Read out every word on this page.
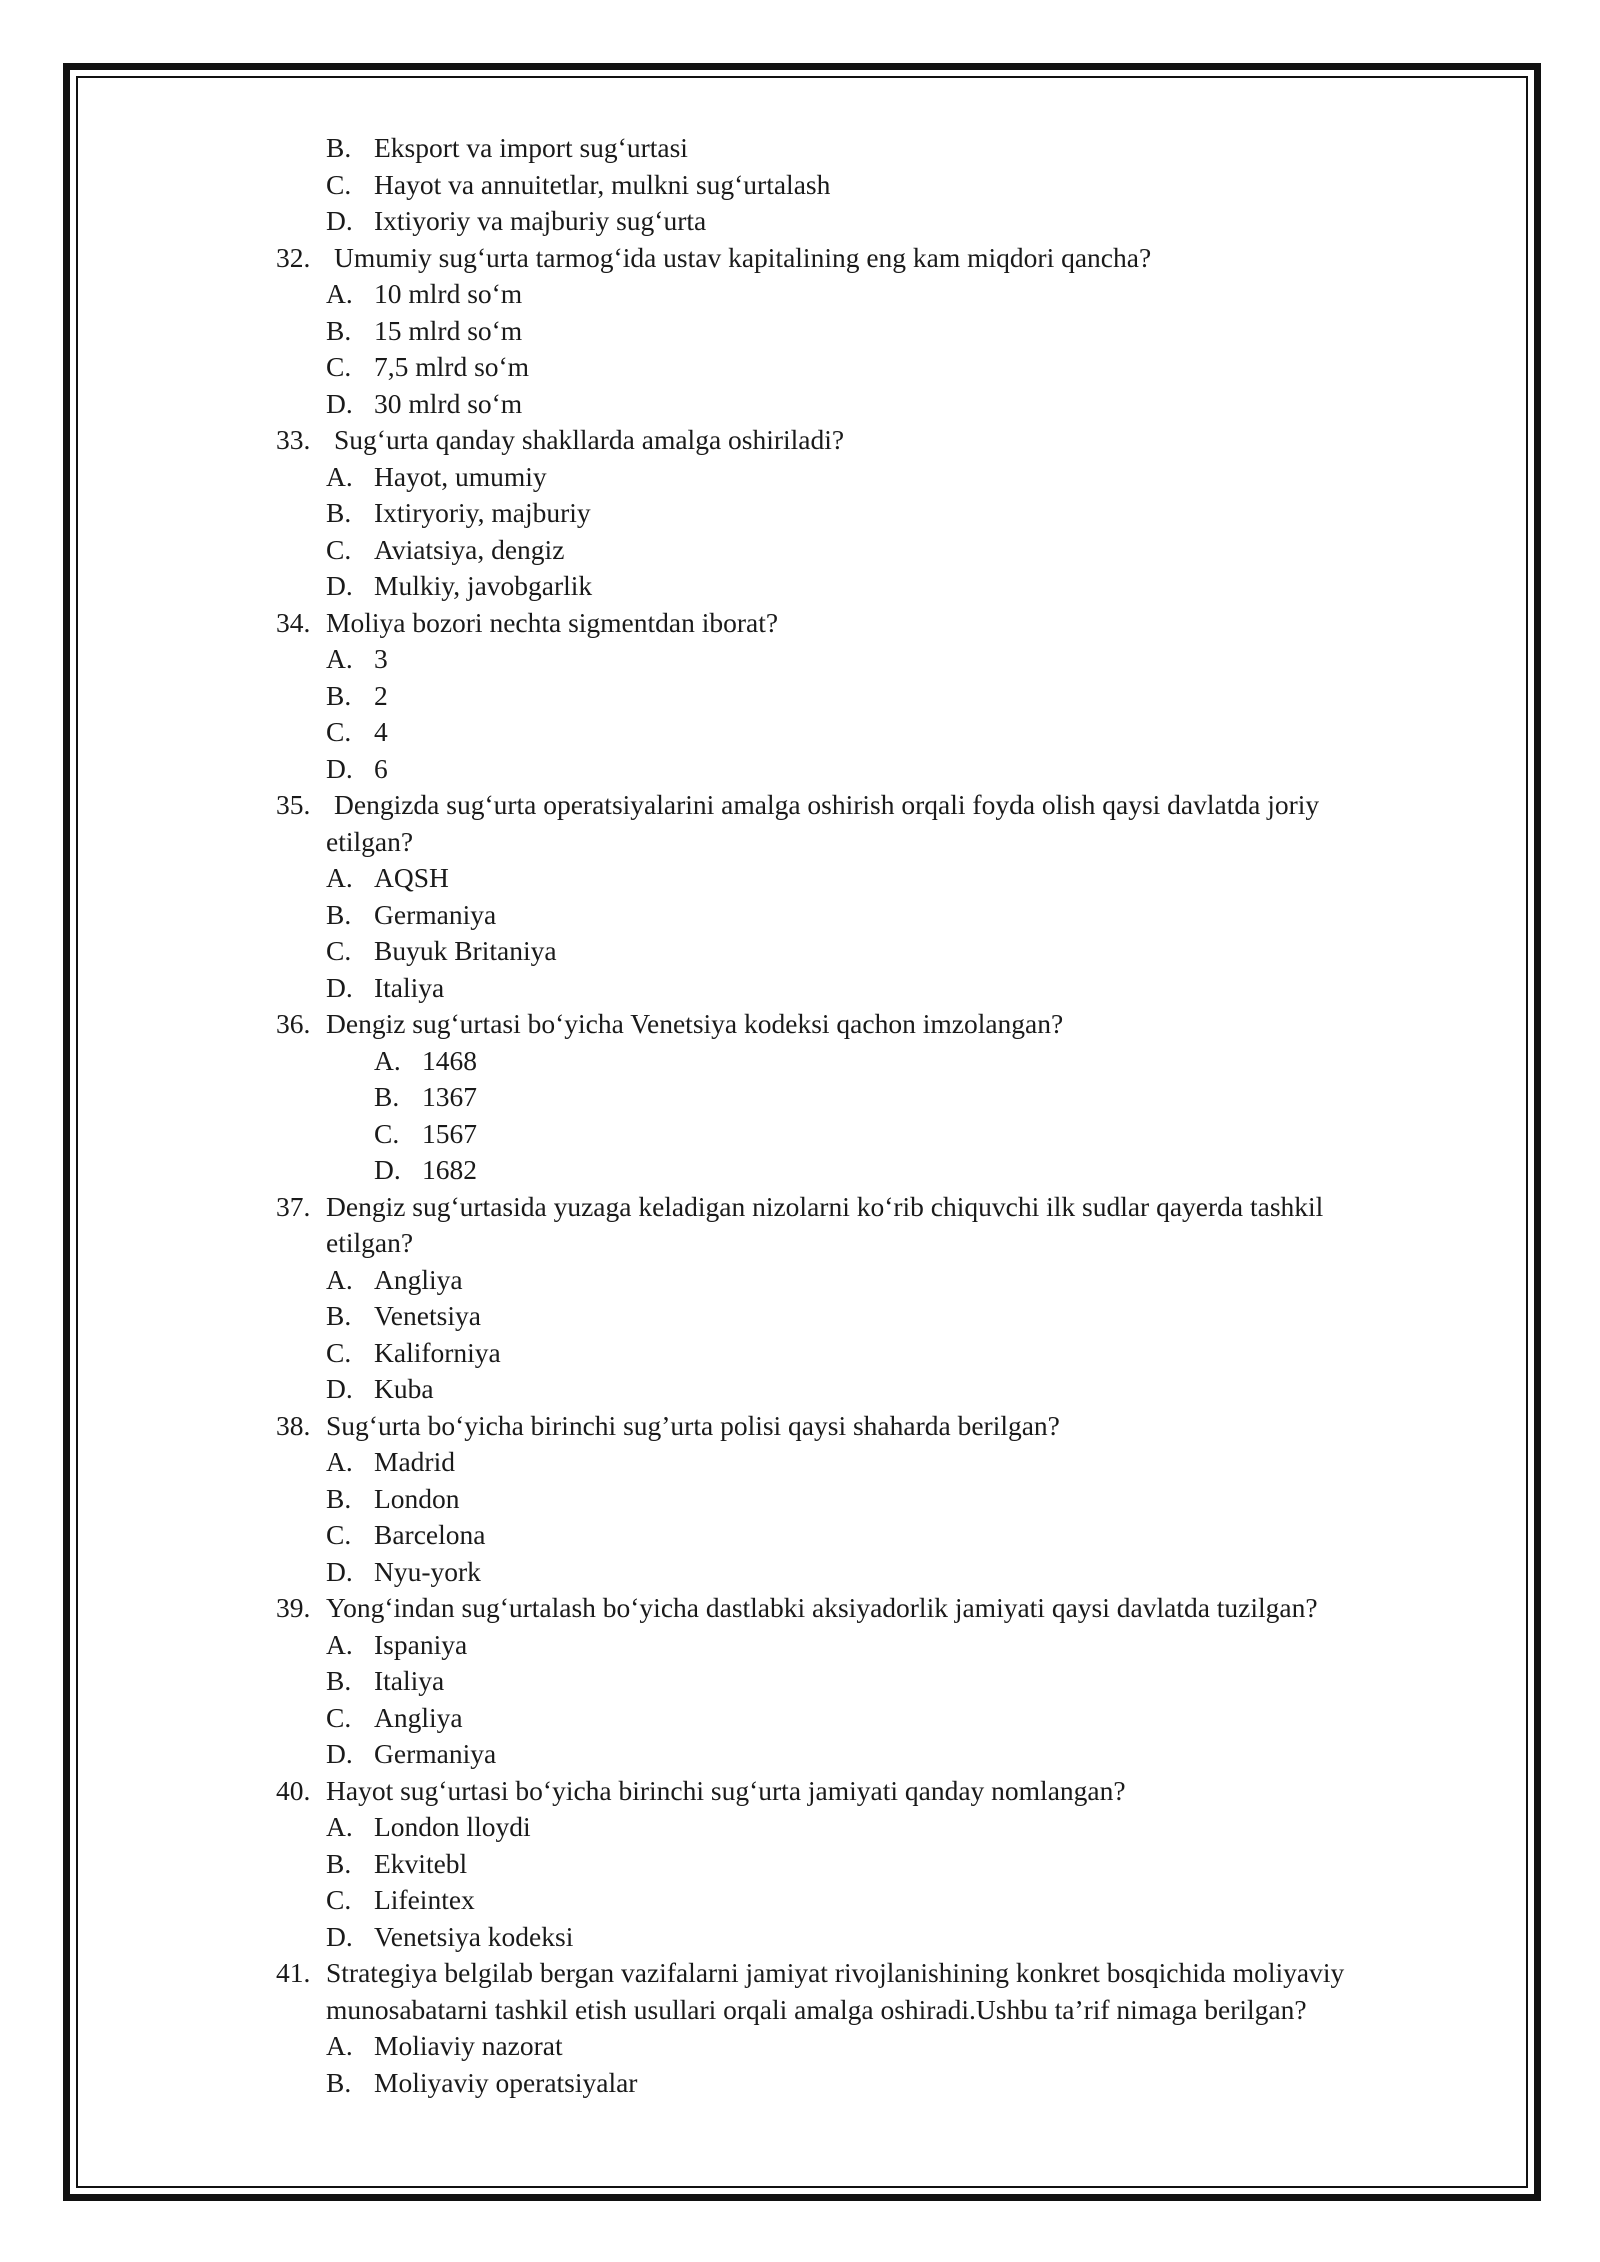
B. Eksport va import sug‘urtasi
C. Hayot va annuitetlar, mulkni sug‘urtalash
D. Ixtiyoriy va majburiy sug‘urta
32. Umumiy sug‘urta tarmog‘ida ustav kapitalining eng kam miqdori qancha?
A. 10 mlrd so‘m
B. 15 mlrd so‘m
C. 7,5 mlrd so‘m
D. 30 mlrd so‘m
33. Sug‘urta qanday shakllarda amalga oshiriladi?
A. Hayot, umumiy
B. Ixtiryoriy, majburiy
C. Aviatsiya, dengiz
D. Mulkiy, javobgarlik
34. Moliya bozori nechta sigmentdan iborat?
A. 3
B. 2
C. 4
D. 6
35. Dengizda sug‘urta operatsiyalarini amalga oshirish orqali foyda olish qaysi davlatda joriy
etilgan?
A. AQSH
B. Germaniya
C. Buyuk Britaniya
D. Italiya
36. Dengiz sug‘urtasi bo‘yicha Venetsiya kodeksi qachon imzolangan?
A. 1468
B. 1367
C. 1567
D. 1682
37. Dengiz sug‘urtasida yuzaga keladigan nizolarni ko‘rib chiquvchi ilk sudlar qayerda tashkil
etilgan?
A. Angliya
B. Venetsiya
C. Kaliforniya
D. Kuba
38. Sug‘urta bo‘yicha birinchi sug’urta polisi qaysi shaharda berilgan?
A. Madrid
B. London
C. Barcelona
D. Nyu-york
39. Yong‘indan sug‘urtalash bo‘yicha dastlabki aksiyadorlik jamiyati qaysi davlatda tuzilgan?
A. Ispaniya
B. Italiya
C. Angliya
D. Germaniya
40. Hayot sug‘urtasi bo‘yicha birinchi sug‘urta jamiyati qanday nomlangan?
A. London lloydi
B. Ekvitebl
C. Lifeintex
D. Venetsiya kodeksi
41. Strategiya belgilab bergan vazifalarni jamiyat rivojlanishining konkret bosqichida moliyaviy
munosabatarni tashkil etish usullari orqali amalga oshiradi.Ushbu ta’rif nimaga berilgan?
A. Moliaviy nazorat
B. Moliyaviy operatsiyalar
